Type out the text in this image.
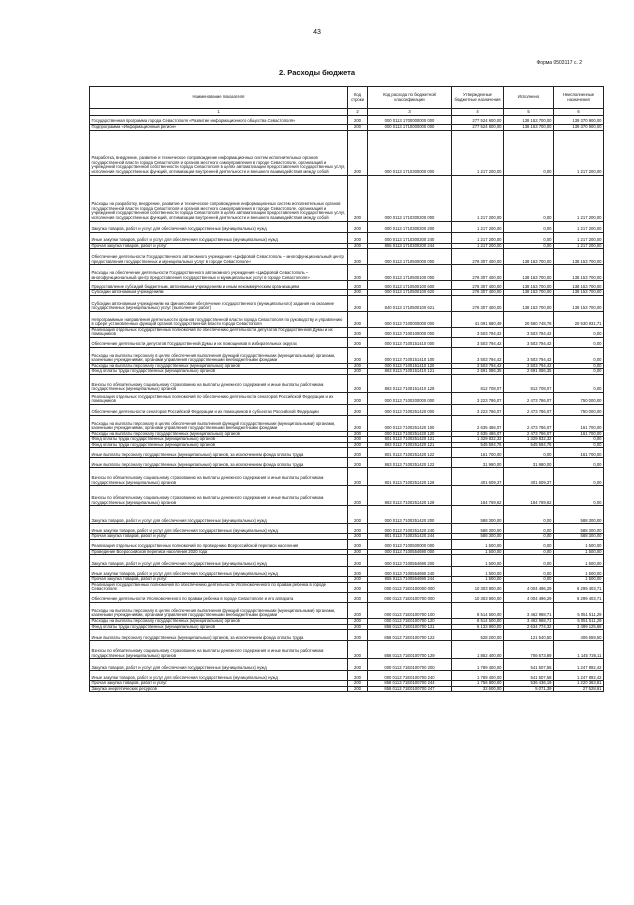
43
Форма 0503117 с. 2
2. Расходы бюджета
Наименование показателя	Код строки	Код расхода по бюджетной классификации	Утвержденные бюджетные назначения	Исполнено	Неисполненные назначения
1	2	3	4	5	6
Государственная программа города Севастополя «Развитие информационного общества Севастополя»	200	000 0113 1700000000 000	277 524 600,00	138 153 700,00	139 370 900,00
Подпрограмма «Информационный регион»	200	000 0113 1710000000 000	277 524 600,00	138 153 700,00	139 370 900,00
Разработка, внедрение, развитие и техническое сопровождение информационных систем исполнительных органов государственной власти города Севастополя и органов местного самоуправления в городе Севастополе, организаций и учреждений государственной собственности города Севастополя в целях автоматизации предоставления государственных услуг, исполнения государственных функций, оптимизации внутренней деятельности и внешнего взаимодействия между собой	200	000 0113 1710300000 000	1 217 200,00	0,00	1 217 200,00
Расходы на разработку, внедрение, развитие и техническое сопровождение информационных систем исполнительных органов государственной власти города Севастополя и органов местного самоуправления в городе Севастополе, организаций и учреждений государственной собственности города Севастополя в целях автоматизации предоставления государственных услуг, исполнения государственных функций, оптимизации внутренней деятельности и внешнего взаимодействия между собой	200	000 0113 1710300200 000	1 217 200,00	0,00	1 217 200,00
Закупка товаров, работ и услуг для обеспечения государственных (муниципальных) нужд	200	000 0113 1710300200 200	1 217 200,00	0,00	1 217 200,00
Иные закупки товаров, работ и услуг для обеспечения государственных (муниципальных) нужд	200	000 0113 1710300200 240	1 217 200,00	0,00	1 217 200,00
Прочая закупка товаров, работ и услуг	200	855 0113 1710300200 244	1 217 200,00	0,00	1 217 200,00
Обеспечение деятельности Государственного автономного учреждения «Цифровой Севастополь – многофункциональный центр предоставления государственных и муниципальных услуг в городе Севастополе»	200	000 0113 1710500000 000	276 307 400,00	138 153 700,00	138 153 700,00
Расходы на обеспечение деятельности Государственного автономного учреждения «Цифровой Севастополь – многофункциональный центр предоставления государственных и муниципальных услуг в городе Севастополе»	200	000 0113 1710500100 000	276 307 400,00	138 153 700,00	138 153 700,00
Предоставление субсидий бюджетным, автономным учреждениям и иным некоммерческим организациям	200	000 0113 1710500100 600	276 307 400,00	138 153 700,00	138 153 700,00
Субсидии автономным учреждениям	200	000 0113 1710500100 620	276 307 400,00	138 153 700,00	138 153 700,00
Субсидии автономным учреждениям на финансовое обеспечение государственного (муниципального) задания на оказание государственных (муниципальных) услуг (выполнение работ)	200	840 0113 1710500100 621	276 307 400,00	138 153 700,00	138 153 700,00
Непрограммные направления деятельности органов государственной власти города Севастополя по руководству и управлению в сфере установленных функций органов государственной власти города Севастополя	200	000 0113 7100000000 000	41 091 680,49	20 560 748,78	20 530 931,71
Реализация отдельных государственных полномочий по обеспечению деятельности депутатов Государственной Думы и их помощников	200	000 0113 7100100000 000	3 503 794,42	3 503 794,42	0,00
Обеспечение деятельности депутатов Государственной Думы и их помощников в избирательных округах	200	000 0113 7100151410 000	3 503 794,42	3 503 794,42	0,00
Расходы на выплаты персоналу в целях обеспечения выполнения функций государственными (муниципальными) органами, казенными учреждениями, органами управления государственными внебюджетными фондами	200	000 0113 7100151410 100	3 503 794,42	3 503 794,42	0,00
Расходы на выплаты персоналу государственных (муниципальных) органов	200	000 0113 7100151410 120	3 503 794,42	3 503 794,42	0,00
Фонд оплаты труда государственных (муниципальных) органов	200	863 0113 7100151410 121	2 691 086,35	2 691 086,35	0,00
Взносы по обязательному социальному страхованию на выплаты денежного содержания и иные выплаты работникам государственных (муниципальных) органов	200	863 0113 7100151410 129	812 708,07	812 708,07	0,00
Реализация отдельных государственных полномочий по обеспечению деятельности сенаторов Российской Федерации и их помощников	200	000 0113 7100200000 000	3 223 786,07	2 473 786,07	750 000,00
Обеспечение деятельности сенаторов Российской Федерации и их помощников в субъектах Российской Федерации	200	000 0113 7100251420 000	3 223 786,07	2 473 786,07	750 000,00
Расходы на выплаты персоналу в целях обеспечения выполнения функций государственными (муниципальными) органами, казенными учреждениями, органами управления государственными внебюджетными фондами	200	000 0113 7100251420 100	2 635 486,07	2 473 786,07	161 700,00
Расходы на выплаты персоналу государственных (муниципальных) органов	200	000 0113 7100251420 120	2 635 486,07	2 473 786,07	161 700,00
Фонд оплаты труда государственных (муниципальных) органов	200	801 0113 7100251420 121	1 329 832,32	1 329 832,32	0,00
Фонд оплаты труда государственных (муниципальных) органов	200	863 0113 7100251420 121	545 594,76	545 594,76	0,00
Иные выплаты персоналу государственных (муниципальных) органов, за исключением фонда оплаты труда	200	801 0113 7100251420 122	161 700,00	0,00	161 700,00
Иные выплаты персоналу государственных (муниципальных) органов, за исключением фонда оплаты труда	200	863 0113 7100251420 122	31 980,00	31 980,00	0,00
Взносы по обязательному социальному страхованию на выплаты денежного содержания и иные выплаты работникам государственных (муниципальных) органов	200	801 0113 7100251420 129	401 609,37	401 609,37	0,00
Взносы по обязательному социальному страхованию на выплаты денежного содержания и иные выплаты работникам государственных (муниципальных) органов	200	863 0113 7100251420 129	164 769,62	164 769,62	0,00
Закупка товаров, работ и услуг для обеспечения государственных (муниципальных) нужд	200	000 0113 7100251420 200	588 300,00	0,00	588 300,00
Иные закупки товаров, работ и услуг для обеспечения государственных (муниципальных) нужд	200	000 0113 7100251420 240	588 300,00	0,00	588 300,00
Прочая закупка товаров, работ и услуг	200	801 0113 7100251420 244	588 300,00	0,00	588 300,00
Реализация отдельных государственных полномочий по проведению Всероссийской переписи населения	200	000 0113 7100500000 000	1 500,00	0,00	1 500,00
Проведение Всероссийской переписи населения 2020 года	200	000 0113 7100554690 000	1 500,00	0,00	1 500,00
Закупка товаров, работ и услуг для обеспечения государственных (муниципальных) нужд	200	000 0113 7100554690 200	1 500,00	0,00	1 500,00
Иные закупки товаров, работ и услуг для обеспечения государственных (муниципальных) нужд	200	000 0113 7100554690 240	1 500,00	0,00	1 500,00
Прочая закупка товаров, работ и услуг	200	855 0113 7100554690 244	1 500,00	0,00	1 500,00
Реализация государственных полномочий по обеспечению деятельности Уполномоченного по правам ребенка в городе Севастополе	200	000 0113 71E0100000 000	10 303 900,00	4 004 496,29	6 299 403,71
Обеспечение деятельности Уполномоченного по правам ребенка в городе Севастополе и его аппарата	200	000 0113 71E0100700 000	10 303 900,00	4 004 496,29	6 299 403,71
Расходы на выплаты персоналу в целях обеспечения выполнения функций государственными (муниципальными) органами, казенными учреждениями, органами управления государственными внебюджетными фондами	200	000 0113 71E0100700 100	8 514 500,00	3 462 988,71	5 051 511,29
Расходы на выплаты персоналу государственных (муниципальных) органов	200	000 0113 71E0100700 120	8 514 500,00	3 462 988,71	5 051 511,29
Фонд оплаты труда государственных (муниципальных) органов	200	858 0113 71E0100700 121	6 133 900,00	2 634 774,32	3 499 125,68
Иные выплаты персоналу государственных (муниципальных) органов, за исключением фонда оплаты труда	200	858 0113 71E0100700 122	528 200,00	121 540,50	406 659,50
Взносы по обязательному социальному страхованию на выплаты денежного содержания и иные выплаты работникам государственных (муниципальных) органов	200	858 0113 71E0100700 129	1 852 400,00	706 673,89	1 145 726,11
Закупка товаров, работ и услуг для обеспечения государственных (муниципальных) нужд	200	000 0113 71E0100700 200	1 789 400,00	541 507,58	1 247 892,42
Иные закупки товаров, работ и услуг для обеспечения государственных (муниципальных) нужд	200	000 0113 71E0100700 240	1 789 400,00	541 507,58	1 247 892,42
Прочая закупка товаров, работ и услуг	200	858 0113 71E0100700 244	1 756 800,00	536 436,19	1 220 363,81
Закупка энергетических ресурсов	200	858 0113 71E0100700 247	32 600,00	5 071,39	27 528,61
